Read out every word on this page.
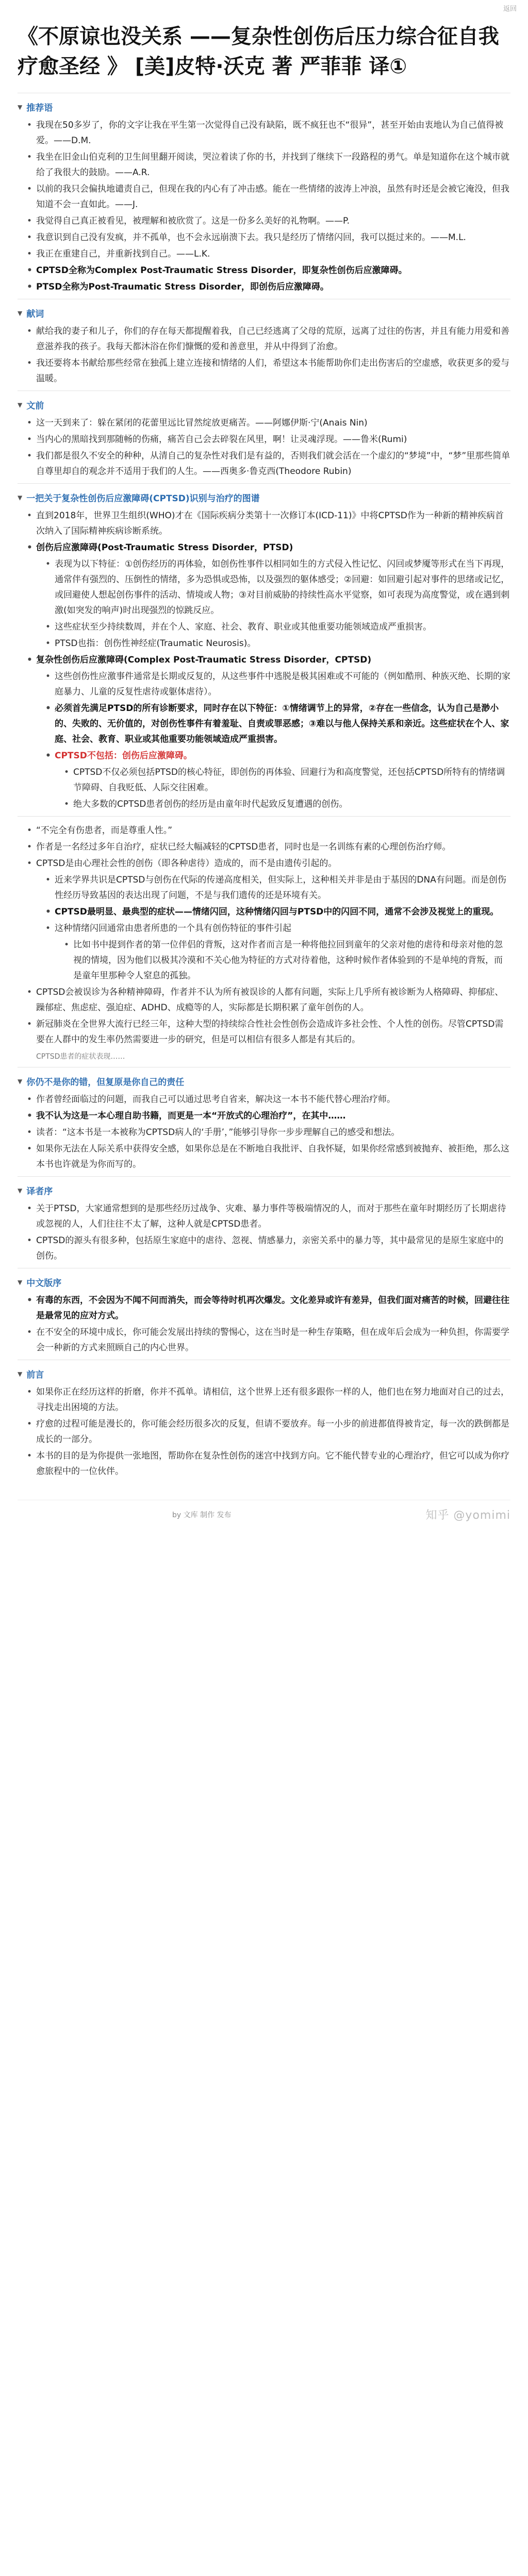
返回
《不原谅也没关系 ——复杂性创伤后压力综合征自我疗愈圣经 》 [美]皮特·沃克 著 严菲菲 译①
▼ 推荐语
• 我现在50多岁了，你的文字让我在平生第一次觉得自己没有缺陷，既不疯狂也不“很异”，甚至开始由衷地认为自己值得被爱。——D.M.
• 我坐在旧金山伯克利的卫生间里翻开阅读，哭泣着读了你的书，并找到了继续下一段路程的勇气。单是知道你在这个城市就给了我很大的鼓励。——A.R.
• 以前的我只会偏执地谴责自己，但现在我的内心有了冲击感。能在一些情绪的波涛上冲浪，虽然有时还是会被它淹没，但我知道不会一直如此。——J.
• 我觉得自己真正被看见，被理解和被欣赏了。这是一份多么美好的礼物啊。——P.
• 我意识到自己没有发疯，并不孤单，也不会永远崩溃下去。我只是经历了情绪闪回，我可以挺过来的。——M.L.
• 我正在重建自己，并重新找到自己。——L.K.
• CPTSD全称为Complex Post-Traumatic Stress Disorder，即复杂性创伤后应激障碍。
• PTSD全称为Post-Traumatic Stress Disorder，即创伤后应激障碍。
▼ 献词
• 献给我的妻子和儿子，你们的存在每天都提醒着我，自己已经逃离了父母的荒原，远离了过往的伤害，并且有能力用爱和善意滋养我的孩子。我每天都沐浴在你们慷慨的爱和善意里，并从中得到了治愈。
• 我还要将本书献给那些经常在独孤上建立连接和情绪的人们，希望这本书能帮助你们走出伤害后的空虚感，收获更多的爱与温暖。
▼ 文前
• 这一天到来了：躲在紧闭的花蕾里远比冒然绽放更痛苦。——阿娜伊斯·宁(Anais Nin)
• 当内心的黑暗找到那随畅的伤痛，痛苦自己会去碎裂在风里，啊！让灵魂浮现。——鲁米(Rumi)
• 我们都是很久不安全的种种，从清自己的复杂性对我们是有益的，否则我们就会活在一个虚幻的“梦境”中，“梦”里那些简单自尊里却自的观念并不适用于我们的人生。——西奥多·鲁克西(Theodore Rubin)
▼ 一把关于复杂性创伤后应激障碍(CPTSD)识别与治疗的图谱
• 直到2018年，世界卫生组织(WHO)才在《国际疾病分类第十一次修订本(ICD-11)》中将CPTSD作为一种新的精神疾病首次纳入了国际精神疾病诊断系统。
• 创伤后应激障碍(Post-Traumatic Stress Disorder，PTSD)
• 表现为以下特征：①创伤经历的再体验，如创伤性事件以相同如生的方式侵入性记忆、闪回或梦魇等形式在当下再现，通常伴有强烈的、压倒性的情绪，多为恐惧或恐怖，以及强烈的躯体感受；②回避：如回避引起对事件的思绪或记忆，或回避使人想起创伤事件的活动、情境或人物；③对目前威胁的持续性高水平觉察，如可表现为高度警觉，或在遇到刺激(如突发的响声)时出现强烈的惊跳反应。
• 这些症状至少持续数周，并在个人、家庭、社会、教育、职业或其他重要功能领域造成严重损害。
• PTSD也指：创伤性神经症(Traumatic Neurosis)。
• 复杂性创伤后应激障碍(Complex Post-Traumatic Stress Disorder，CPTSD)
• 这些创伤性应激事件通常是长期或反复的，从这些事件中逃脱是极其困难或不可能的（例如酷刑、种族灭绝、长期的家庭暴力、儿童的反复性虐待或躯体虐待）。
• 必须首先满足PTSD的所有诊断要求，同时存在以下特征：①情绪调节上的异常，②存在一些信念，认为自己是渺小的、失败的、无价值的，对创伤性事件有着羞耻、自责或罪恶感；③难以与他人保持关系和亲近。这些症状在个人、家庭、社会、教育、职业或其他重要功能领域造成严重损害。
• CPTSD不包括：创伤后应激障碍。
• CPTSD不仅必须包括PTSD的核心特征，即创伤的再体验、回避行为和高度警觉，还包括CPTSD所特有的情绪调节障碍、自我贬低、人际交往困难。
• 绝大多数的CPTSD患者创伤的经历是由童年时代起致反复遭遇的创伤。
• “不完全有伤患者，而是尊重人性。”
• 作者是一名经过多年自治疗，症状已经大幅减轻的CPTSD患者，同时也是一名训练有素的心理创伤治疗师。
• CPTSD是由心理社会性的创伤（即各种虐待）造成的，而不是由遗传引起的。
• 近来学界共识是CPTSD与创伤在代际的传递高度相关，但实际上，这种相关并非是由于基因的DNA有问题。而是创伤性经历导致基因的表达出现了问题，不是与我们遗传的还是环境有关。
• CPTSD最明显、最典型的症状——情绪闪回，这种情绪闪回与PTSD中的闪回不同，通常不会涉及视觉上的重现。
• 这种情绪闪回通常由患者所患的一个具有创伤特征的事件引起
• 比如书中提到作者的第一位伴侣的背叛，这对作者而言是一种将他拉回到童年的父亲对他的虐待和母亲对他的忽视的情境，因为他们以极其冷漠和不关心他为特征的方式对待着他，这种时候作者体验到的不是单纯的背叛，而是童年里那种令人窒息的孤独。
• CPTSD会被误诊为各种精神障碍，作者并不认为所有被误诊的人都有问题，实际上几乎所有被诊断为人格障碍、抑郁症、躁郁症、焦虑症、强迫症、ADHD、成瘾等的人，实际都是长期积累了童年创伤的人。
• 新冠肺炎在全世界大流行已经三年，这种大型的持续综合性社会性创伤会造成许多社会性、个人性的创伤。尽管CPTSD需要在人群中的发生率仍然需要进一步的研究，但是可以相信有很多人都是有其后的。
CPTSD患者的症状表现……
▼ 你仍不是你的错，但复原是你自己的责任
• 作者曾经面临过的问题，而我自己可以通过思考自省来，解决这一本书不能代替心理治疗师。
• 我不认为这是一本心理自助书籍，而更是一本“开放式的心理治疗”，在其中……
• 读者：“这本书是一本被称为CPTSD病人的‘手册’，”能够引导你一步步理解自己的感受和想法。
• 如果你无法在人际关系中获得安全感，如果你总是在不断地自我批评、自我怀疑，如果你经常感到被抛弃、被拒绝，那么这本书也许就是为你而写的。
▼ 译者序
• 关于PTSD，大家通常想到的是那些经历过战争、灾难、暴力事件等极端情况的人，而对于那些在童年时期经历了长期虐待或忽视的人，人们往往不太了解，这种人就是CPTSD患者。
• CPTSD的源头有很多种，包括原生家庭中的虐待、忽视、情感暴力，亲密关系中的暴力等，其中最常见的是原生家庭中的创伤。
▼ 中文版序
• 有毒的东西，不会因为不闻不问而消失，而会等待时机再次爆发。文化差异或许有差异，但我们面对痛苦的时候，回避往往是最常见的应对方式。
• 在不安全的环境中成长，你可能会发展出持续的警惕心，这在当时是一种生存策略，但在成年后会成为一种负担，你需要学会一种新的方式来照顾自己的内心世界。
▼ 前言
• 如果你正在经历这样的折磨，你并不孤单。请相信，这个世界上还有很多跟你一样的人，他们也在努力地面对自己的过去，寻找走出困境的方法。
• 疗愈的过程可能是漫长的，你可能会经历很多次的反复，但请不要放弃。每一小步的前进都值得被肯定，每一次的跌倒都是成长的一部分。
• 本书的目的是为你提供一张地图，帮助你在复杂性创伤的迷宫中找到方向。它不能代替专业的心理治疗，但它可以成为你疗愈旅程中的一位伙伴。
by 文库 制作 发布	知乎 @yomimi
